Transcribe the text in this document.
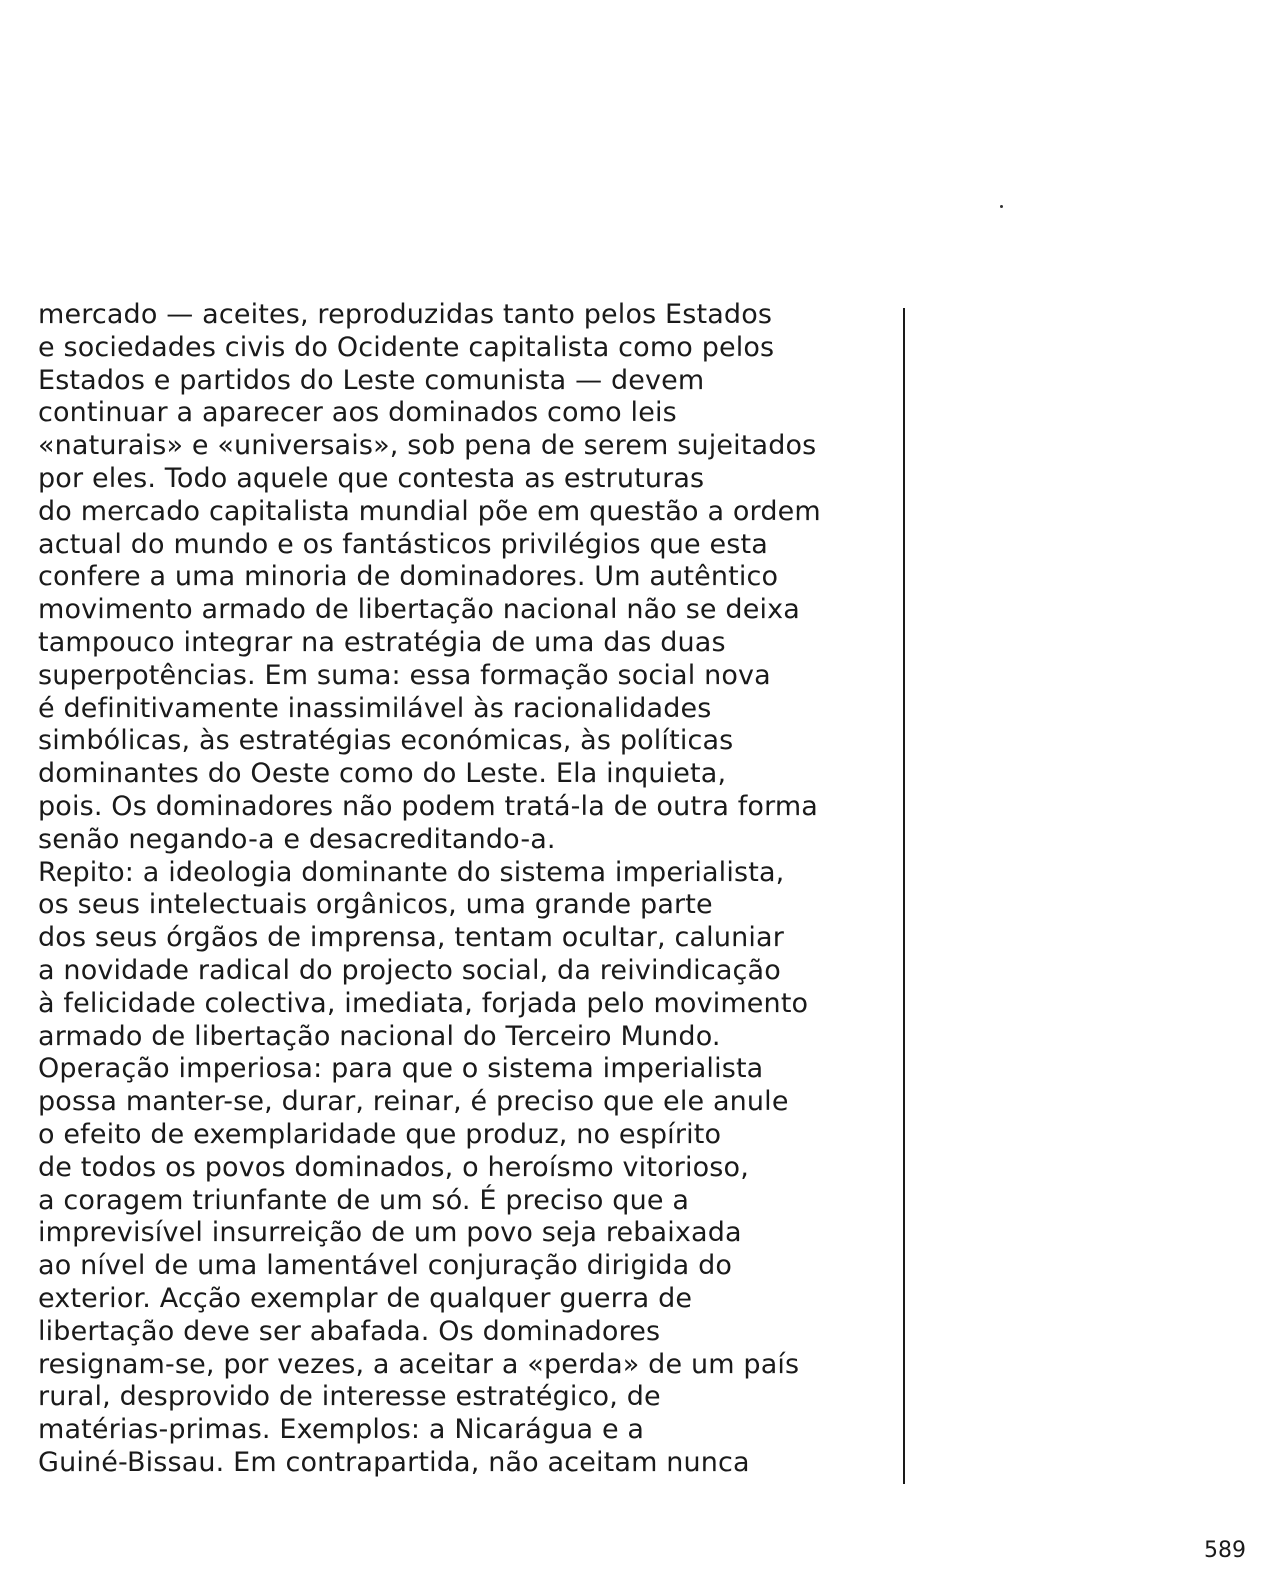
mercado — aceites, reproduzidas tanto pelos Estados
e sociedades civis do Ocidente capitalista como pelos
Estados e partidos do Leste comunista — devem
continuar a aparecer aos dominados como leis
«naturais» e «universais», sob pena de serem sujeitados
por eles. Todo aquele que contesta as estruturas
do mercado capitalista mundial põe em questão a ordem
actual do mundo e os fantásticos privilégios que esta
confere a uma minoria de dominadores. Um autêntico
movimento armado de libertação nacional não se deixa
tampouco integrar na estratégia de uma das duas
superpotências. Em suma: essa formação social nova
é definitivamente inassimilável às racionalidades
simbólicas, às estratégias económicas, às políticas
dominantes do Oeste como do Leste. Ela inquieta,
pois. Os dominadores não podem tratá-la de outra forma
senão negando-a e desacreditando-a.
Repito: a ideologia dominante do sistema imperialista,
os seus intelectuais orgânicos, uma grande parte
dos seus órgãos de imprensa, tentam ocultar, caluniar
a novidade radical do projecto social, da reivindicação
à felicidade colectiva, imediata, forjada pelo movimento
armado de libertação nacional do Terceiro Mundo.
Operação imperiosa: para que o sistema imperialista
possa manter-se, durar, reinar, é preciso que ele anule
o efeito de exemplaridade que produz, no espírito
de todos os povos dominados, o heroísmo vitorioso,
a coragem triunfante de um só. É preciso que a
imprevisível insurreição de um povo seja rebaixada
ao nível de uma lamentável conjuração dirigida do
exterior. Acção exemplar de qualquer guerra de
libertação deve ser abafada. Os dominadores
resignam-se, por vezes, a aceitar a «perda» de um país
rural, desprovido de interesse estratégico, de
matérias-primas. Exemplos: a Nicarágua e a
Guiné-Bissau. Em contrapartida, não aceitam nunca
589
